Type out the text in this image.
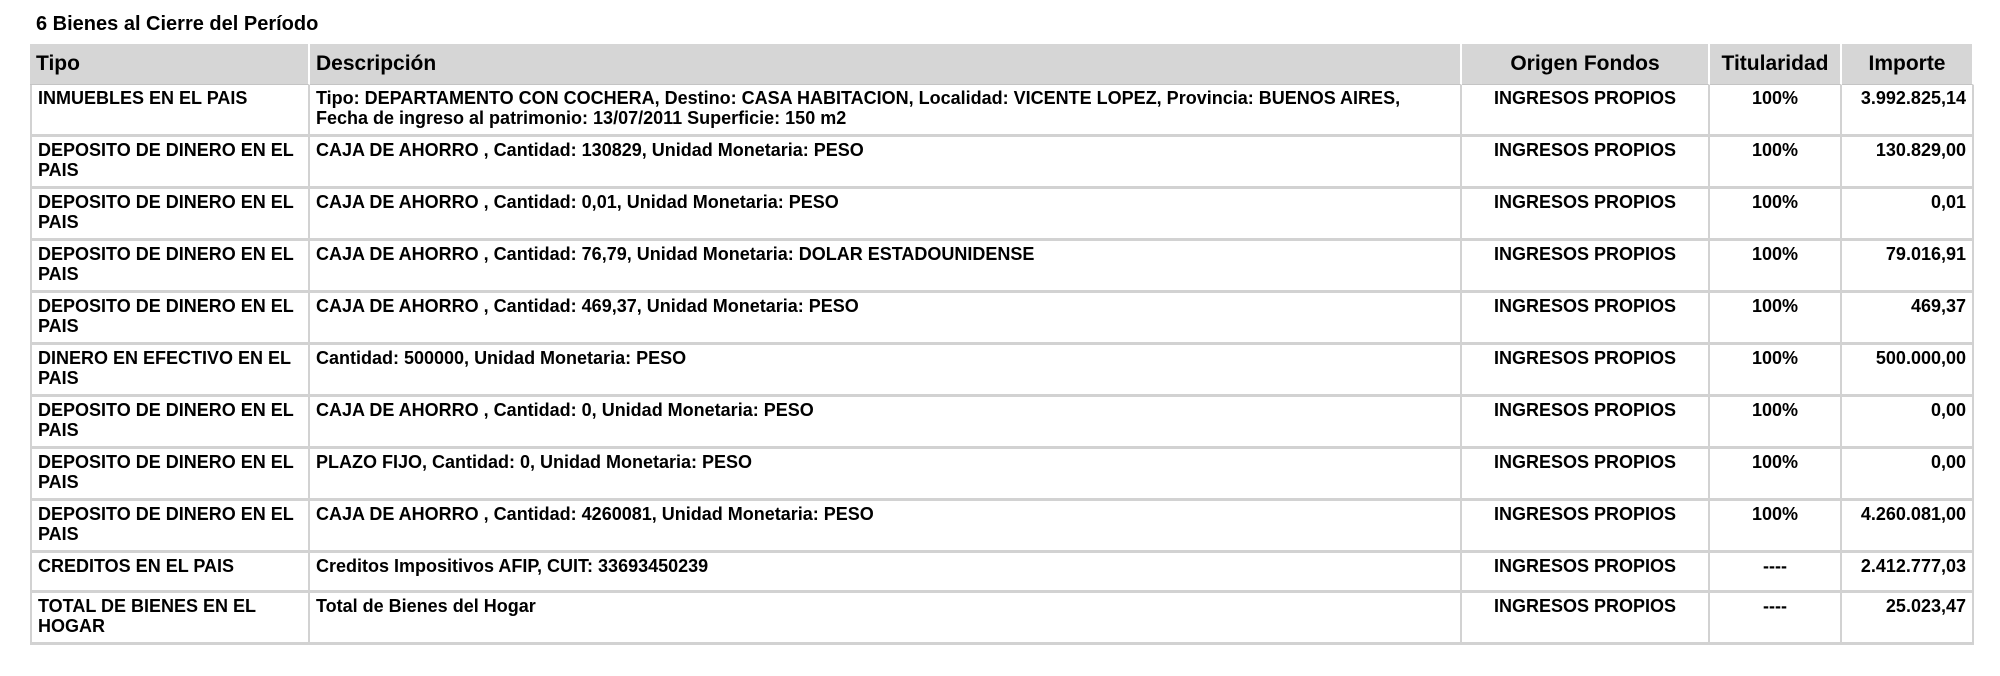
6 Bienes al Cierre del Período
Tipo	Descripción	Origen Fondos	Titularidad	Importe
INMUEBLES EN EL PAIS	Tipo: DEPARTAMENTO CON COCHERA, Destino: CASA HABITACION, Localidad: VICENTE LOPEZ, Provincia: BUENOS AIRES, Fecha de ingreso al patrimonio: 13/07/2011 Superficie: 150 m2	INGRESOS PROPIOS	100%	3.992.825,14
DEPOSITO DE DINERO EN EL PAIS	CAJA DE AHORRO , Cantidad: 130829, Unidad Monetaria: PESO	INGRESOS PROPIOS	100%	130.829,00
DEPOSITO DE DINERO EN EL PAIS	CAJA DE AHORRO , Cantidad: 0,01, Unidad Monetaria: PESO	INGRESOS PROPIOS	100%	0,01
DEPOSITO DE DINERO EN EL PAIS	CAJA DE AHORRO , Cantidad: 76,79, Unidad Monetaria: DOLAR ESTADOUNIDENSE	INGRESOS PROPIOS	100%	79.016,91
DEPOSITO DE DINERO EN EL PAIS	CAJA DE AHORRO , Cantidad: 469,37, Unidad Monetaria: PESO	INGRESOS PROPIOS	100%	469,37
DINERO EN EFECTIVO EN EL PAIS	Cantidad: 500000, Unidad Monetaria: PESO	INGRESOS PROPIOS	100%	500.000,00
DEPOSITO DE DINERO EN EL PAIS	CAJA DE AHORRO , Cantidad: 0, Unidad Monetaria: PESO	INGRESOS PROPIOS	100%	0,00
DEPOSITO DE DINERO EN EL PAIS	PLAZO FIJO, Cantidad: 0, Unidad Monetaria: PESO	INGRESOS PROPIOS	100%	0,00
DEPOSITO DE DINERO EN EL PAIS	CAJA DE AHORRO , Cantidad: 4260081, Unidad Monetaria: PESO	INGRESOS PROPIOS	100%	4.260.081,00
CREDITOS EN EL PAIS	Creditos Impositivos AFIP, CUIT: 33693450239	INGRESOS PROPIOS	----	2.412.777,03
TOTAL DE BIENES EN EL HOGAR	Total de Bienes del Hogar	INGRESOS PROPIOS	----	25.023,47
